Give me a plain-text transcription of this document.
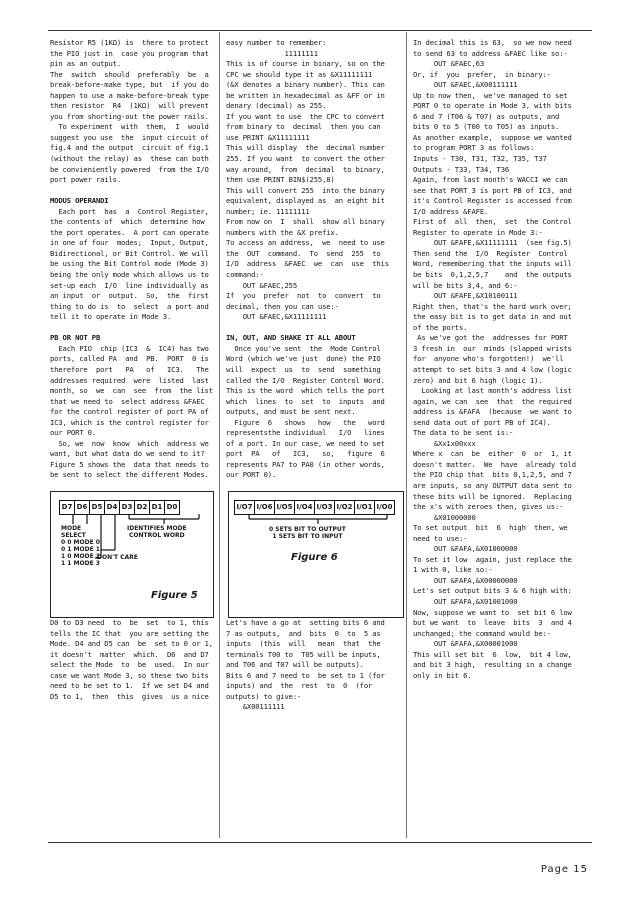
Resistor R5 (1KΩ) is  there to protect
the PIO just in  case you program that
pin as an output.
The  switch  should  preferably  be  a
break-before-make type, but  if you do
happen to use a make-before-break type
then resistor  R4  (1KΩ)  will prevent
you from shorting-out the power rails.
To experiment  with  them,  I  would
suggest you use  the  input circuit of
fig.4 and the output  circuit of fig.1
(without the relay) as  these can both
be convieniently powered  from the I/O
port power rails.
MODUS OPERANDI
Each port  has  a  Control Register,
the contents of  which  determine how
the port operates.  A port can operate
in one of four  modes;  Input, Output,
Bidirectional, or Bit Control. We will
be using the Bit Control mode (Mode 3)
being the only mode which allows us to
set-up each  I/O  line individually as
an input  or  output.  So,  the  first
thing to do is  to  select  a port and
tell it to operate in Mode 3.
PB OR NOT PB
Each PIO  chip (IC3  &  IC4) has two
ports, called PA  and  PB.  PORT  0 is
therefore  port   PA   of   IC3.   The
addresses required  were  listed  last
month, so  we  can  see  from  the list
that we need to  select address &FAEC
for the control register of port PA of
IC3, which is the control register for
our PORT 0.
So, we  now  know  which  address we
want, but what data do we send to it?
Figure 5 shows the  data that needs to
be sent to select the different Modes.
D0 to D3 need  to  be  set  to 1, this
tells the IC that  you are setting the
Mode. D4 and D5 can  be  set to 0 or 1,
it doesn't  matter  which.  D6  and D7
select the Mode  to  be  used.  In our
case we want Mode 3, so these two bits
need to be set to 1.  If we set D4 and
D5 to 1,  then  this  gives  us a nice
easy number to remember:
11111111
This is of course in binary, so on the
CPC we should type it as &X11111111
(&X denotes a binary number). This can
be written in hexadecimal as &FF or in
denary (decimal) as 255.
If you want to use  the CPC to convert
from binary to  decimal  then you can
use PRINT &X11111111
This will display  the  decimal number
255. If you want  to convert the other
way around,  from  decimal  to binary,
then use PRINT BIN$(255,8)
This will convert 255  into the binary
equivalent, displayed as  an eight bit
number; ie. 11111111
From now on  I  shall  show all binary
numbers with the &X prefix.
To access an address,  we  need to use
the  OUT  command.  To  send  255  to
I/O  address  &FAEC  we  can  use  this
command:-
OUT &FAEC,255
If  you  prefer  not  to  convert  to
decimal, then you can use:-
OUT &FAEC,&X11111111
IN, OUT, AND SHAKE IT ALL ABOUT
Once you've sent  the  Mode Control
Word (which we've just  done) the PIO
will  expect  us  to  send  something
called the I/O  Register Control Word.
This is the word  which tells the port
which  lines  to  set  to  inputs  and
outputs, and must be sent next.
Figure  6   shows   how   the   word
representsthe individual   I/O   lines
of a port. In our case, we need to set
port  PA   of   IC3,   so,   figure  6
represents PA7 to PA0 (in other words,
our PORT 0).
Let's have a go at  setting bits 6 and
7 as outputs,  and  bits  0  to  5 as
inputs  (this  will   mean  that  the
terminals T00 to  T05 will be inputs,
and T06 and T07 will be outputs).
Bits 6 and 7 need to  be set to 1 (for
inputs) and  the  rest  to  0  (for
outputs) to give:-
&X00111111
In decimal this is 63,  so we now need
to send 63 to address &FAEC like so:-
OUT &FAEC,63
Or, if  you  prefer,  in binary:-
OUT &FAEC,&X00111111
Up to now then,  we've managed to set
PORT 0 to operate in Mode 3, with bits
6 and 7 (T06 & T07) as outputs, and
bits 0 to 5 (T00 to T05) as inputs.
As another example,  suppose we wanted
to program PORT 3 as follows:
Inputs - T30, T31, T32, T35, T37
Outputs - T33, T34, T36
Again, from last month's WACCI we can
see that PORT 3 is port PB of IC3, and
it's Control Register is accessed from
I/O address &FAFE.
First of  all  then,  set  the Control
Register to operate in Mode 3:-
OUT &FAFE,&X11111111  (see fig.5)
Then send the  I/O  Register  Control
Word, remembering that the inputs will
be bits  0,1,2,5,7    and  the outputs
will be bits 3,4, and 6:-
OUT &FAFE,&X10100111
Right then, that's the hard work over;
the easy bit is to get data in and out
of the ports.
As we've got the  addresses for PORT
3 fresh in  our  minds (slapped wrists
for  anyone who's forgotten!)  we'll
attempt to set bits 3 and 4 low (logic
zero) and bit 6 high (logic 1).
Looking at last month's address list
again, we can  see  that  the required
address is &FAFA  (because  we want to
send data out of port PB of IC4).
The data to be sent is:-
&Xx1x00xxx
Where x  can  be  either  0  or  1, it
doesn't matter.  We  have  already told
the PIO chip that  bits 0,1,2,5, and 7
are inputs, so any OUTPUT data sent to
these bits will be ignored.  Replacing
the x's with zeroes then, gives us:-
&X01000000
To set output  bit  6  high  then, we
need to use:-
OUT &FAFA,&X01000000
To set it low  again, just replace the
1 with 0, like so:-
OUT &FAFA,&X00000000
Let's set output bits 3 & 6 high with:
OUT &FAFA,&X01001000
Now, suppose we want to  set bit 6 low
but we want  to  leave  bits  3  and 4
unchanged; the command would be:-
OUT &FAFA,&X00001000
This will set bit  6  low,  bit 4 low,
and bit 3 high,  resulting in a change
only in bit 6.
D7 D6 D5 D4 D3 D2 D1 D0
MODE
SELECT
0 0 MODE 0
0 1 MODE 1
1 0 MODE 2
1 1 MODE 3
IDENTIFIES MODE
CONTROL WORD
DON'T CARE
Figure 5
I/O7 I/O6 I/O5 I/O4 I/O3 I/O2 I/O1 I/O0
0 SETS BIT TO OUTPUT
1 SETS BIT TO INPUT
Figure 6
Page 15
